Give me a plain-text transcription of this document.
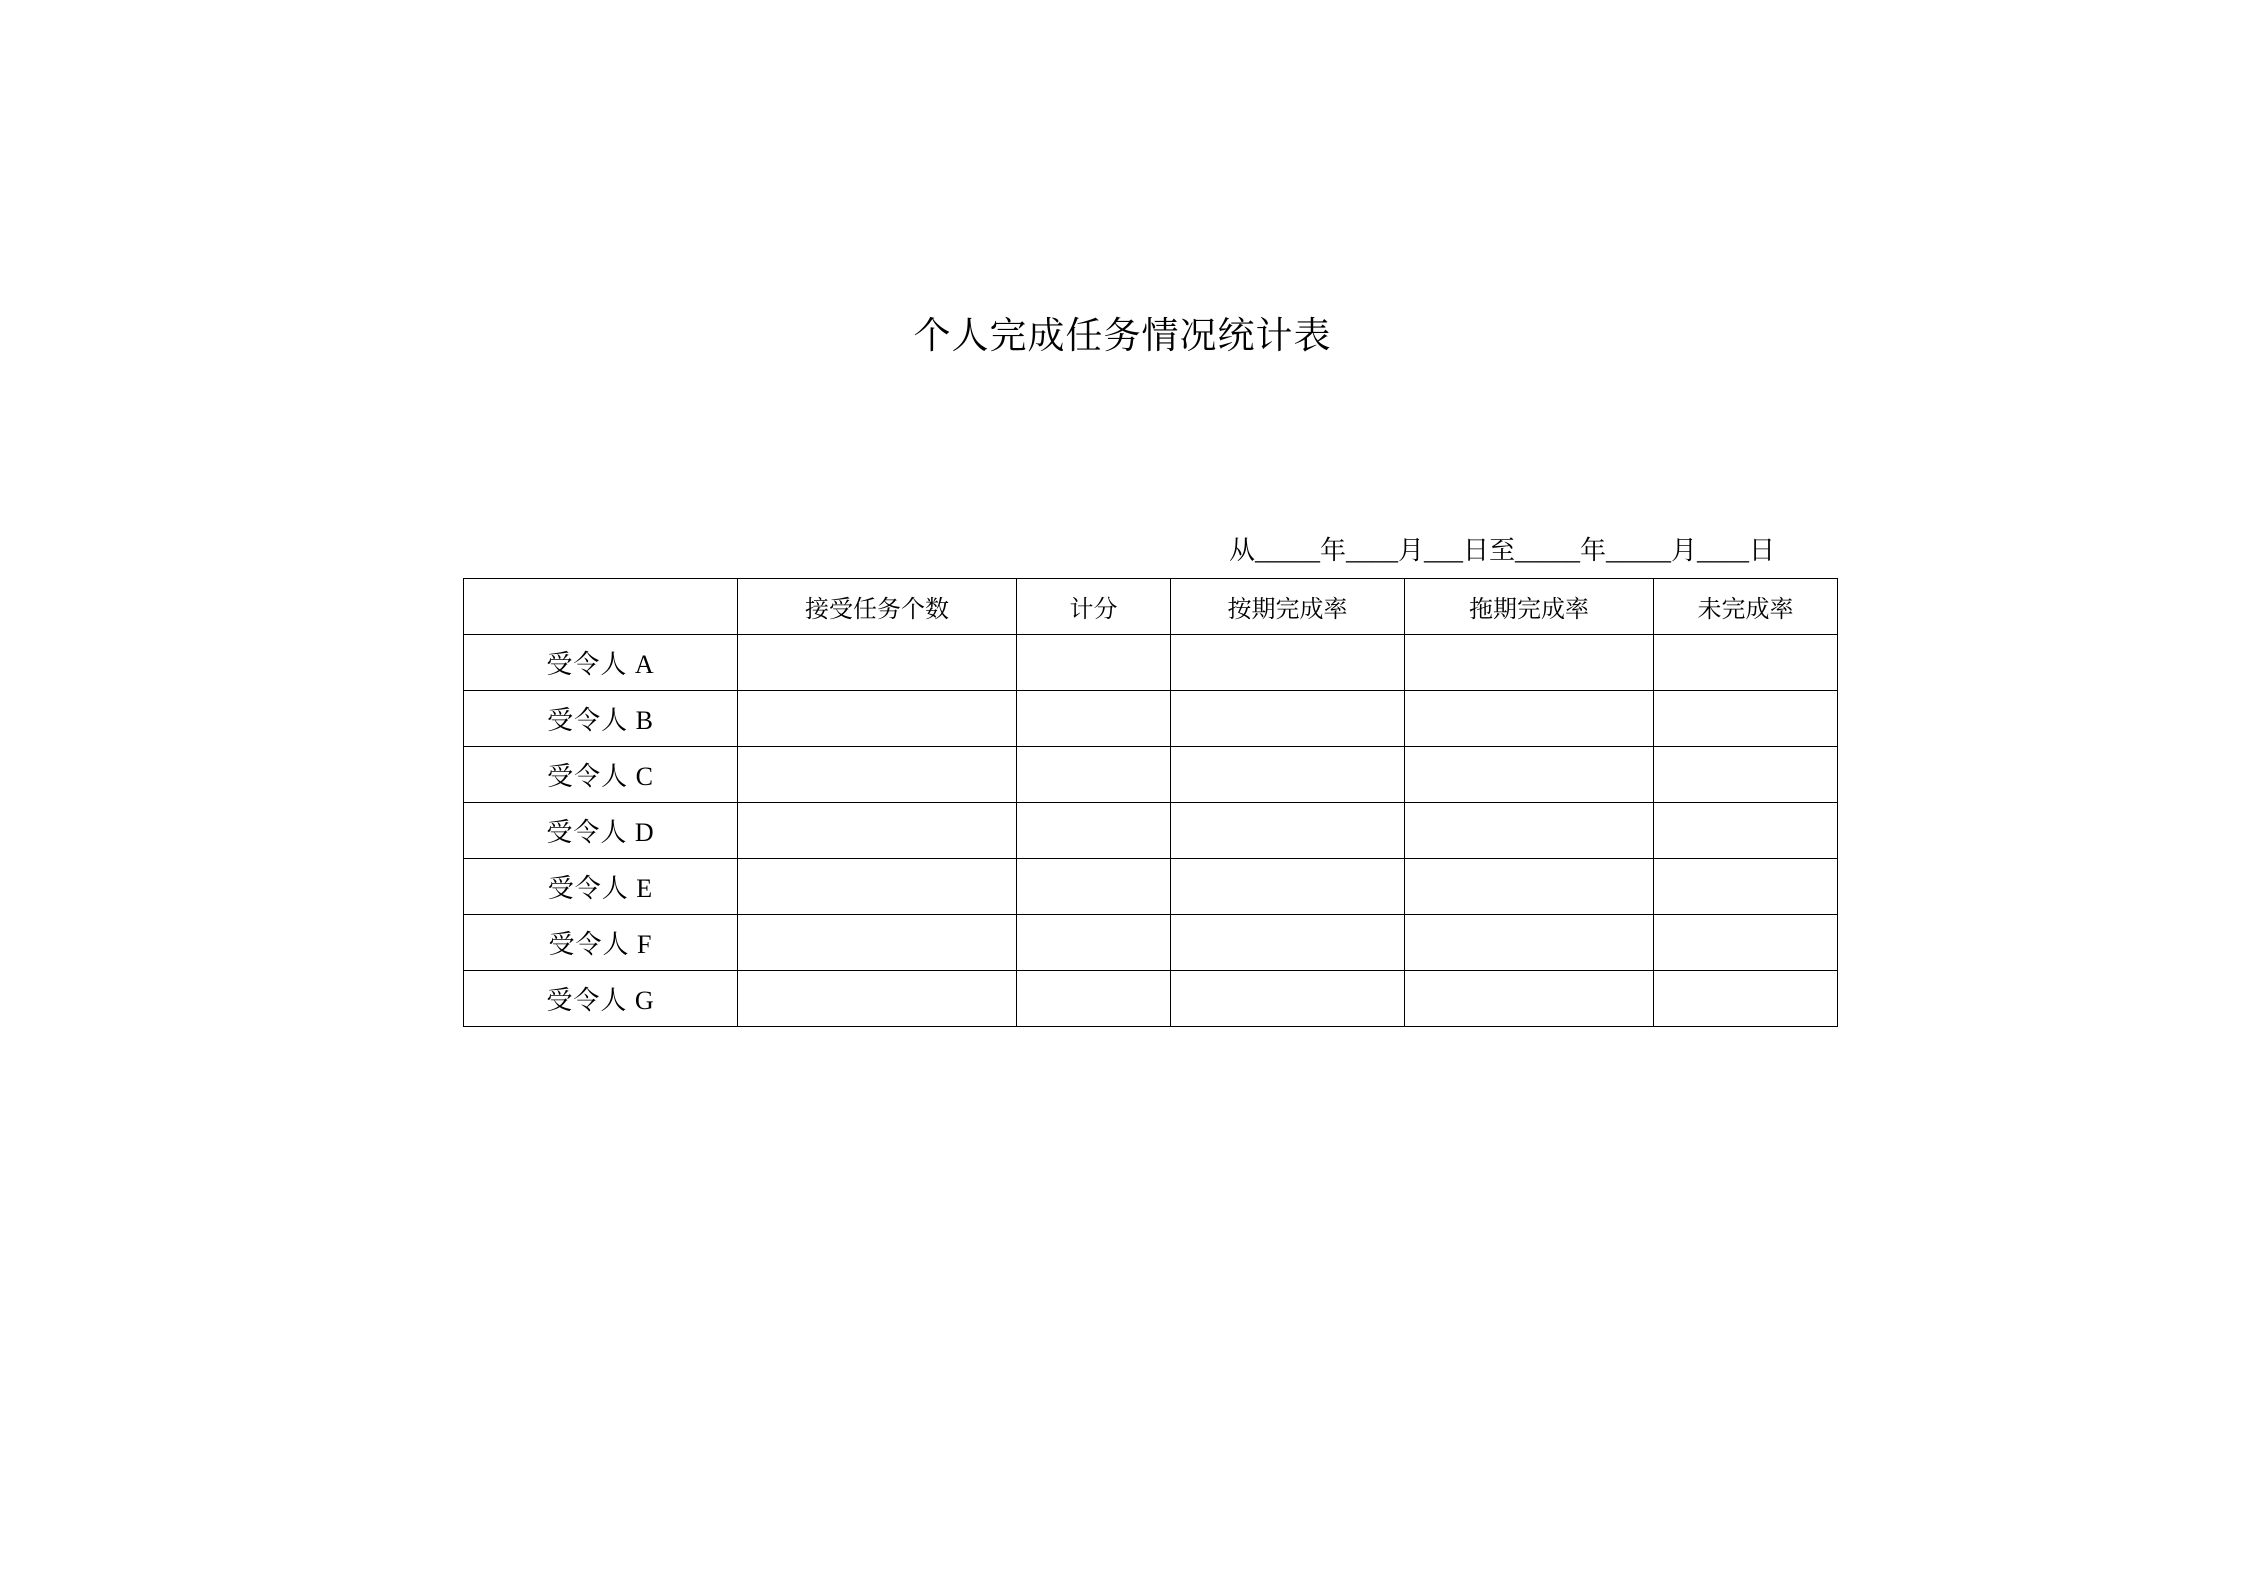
个人完成任务情况统计表
从_____年____月___日至_____年_____月____日
	接受任务个数	计分	按期完成率	拖期完成率	未完成率
受令人 A					
受令人 B					
受令人 C					
受令人 D					
受令人 E					
受令人 F					
受令人 G					
